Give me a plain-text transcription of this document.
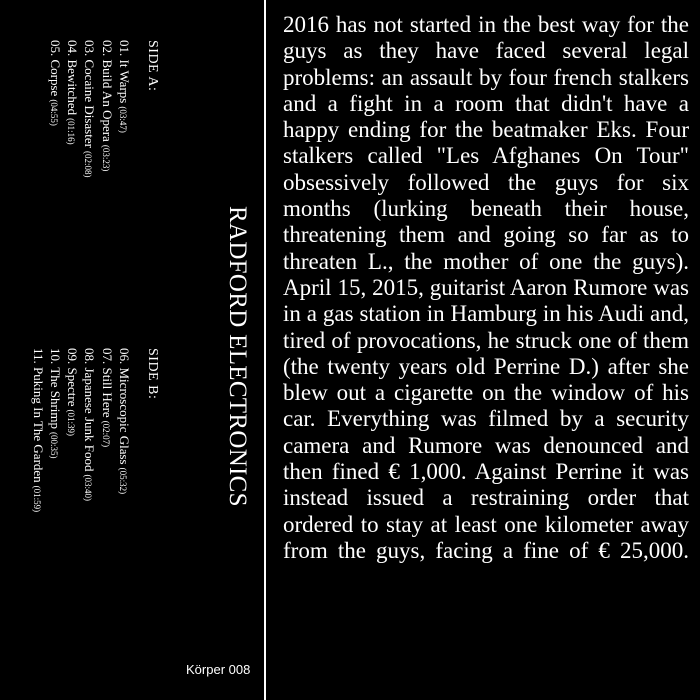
SIDE A:
01. It Warps(03:47)
02. Build An Opera(03:23)
03. Cocaine Disaster(02:08)
04. Bewitched(01:16)
05. Corpse(04:55)
SIDE B:
06. Microscopic Glass(05:32)
07. Still Here(02:07)
08. Japanese Junk Food(03:40)
09. Spectre(01:39)
10. The Shrimp(00:35)
11. Puking In The Garden(01:59)	RADFORD ELECTRONICS
Körper 008

2016 has not started in the best way for the guys as they have faced several legal problems: an assault by four french stalkers and a fight in a room that didn't have a happy ending for the beatmaker Eks. Four stalkers called "Les Afghanes On Tour" obsessively followed the guys for six months (lurking beneath their house, threatening them and going so far as to threaten L., the mother of one the guys). April 15, 2015, guitarist Aaron Rumore was in a gas station in Hamburg in his Audi and, tired of provocations, he struck one of them (the twenty years old Perrine D.) after she blew out a cigarette on the window of his car. Everything was filmed by a security camera and Rumore was denounced and then fined € 1,000. Against Perrine it was instead issued a restraining order that ordered to stay at least one kilometer away from the guys, facing a fine of € 25,000.
